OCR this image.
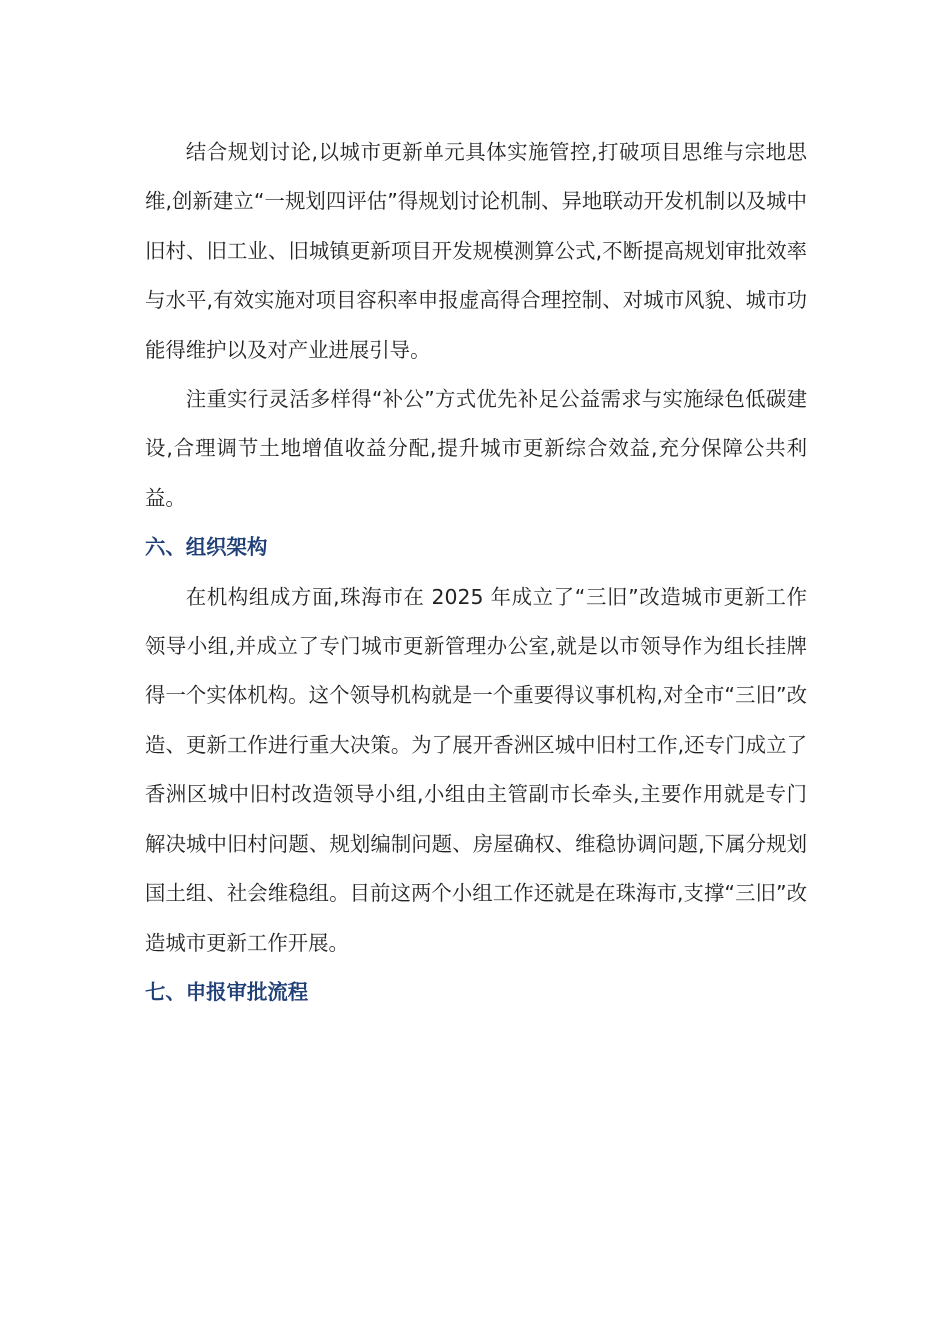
结合规划讨论,以城市更新单元具体实施管控,打破项目思维与宗地思维,创新建立“一规划四评估”得规划讨论机制、异地联动开发机制以及城中旧村、旧工业、旧城镇更新项目开发规模测算公式,不断提高规划审批效率与水平,有效实施对项目容积率申报虚高得合理控制、对城市风貌、城市功能得维护以及对产业进展引导。

注重实行灵活多样得“补公”方式优先补足公益需求与实施绿色低碳建设,合理调节土地增值收益分配,提升城市更新综合效益,充分保障公共利益。

六、组织架构

在机构组成方面,珠海市在 2025 年成立了“三旧”改造城市更新工作领导小组,并成立了专门城市更新管理办公室,就是以市领导作为组长挂牌得一个实体机构。这个领导机构就是一个重要得议事机构,对全市“三旧”改造、更新工作进行重大决策。为了展开香洲区城中旧村工作,还专门成立了香洲区城中旧村改造领导小组,小组由主管副市长牵头,主要作用就是专门解决城中旧村问题、规划编制问题、房屋确权、维稳协调问题,下属分规划国土组、社会维稳组。目前这两个小组工作还就是在珠海市,支撑“三旧”改造城市更新工作开展。

七、申报审批流程
